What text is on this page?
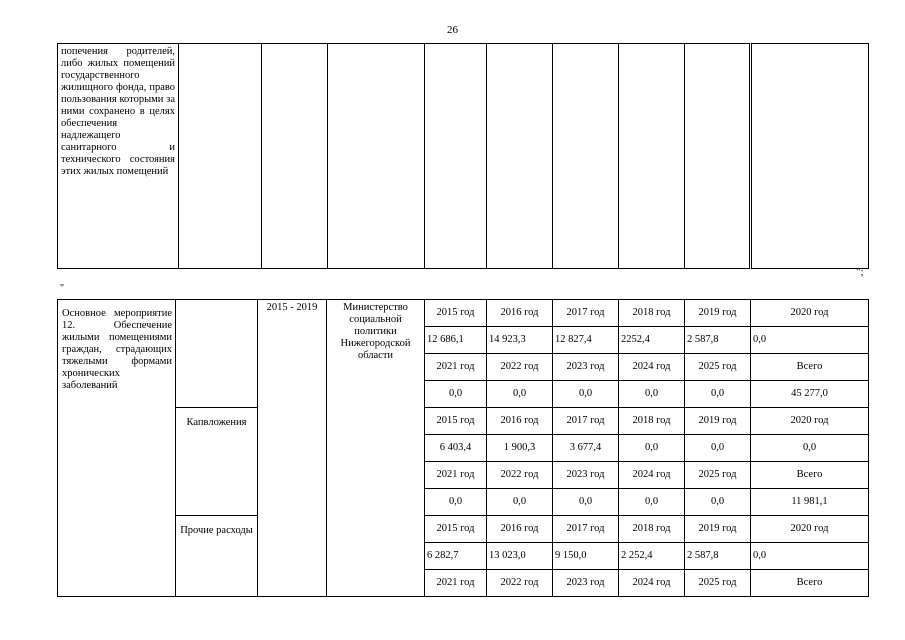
26
попечения родителей, либо жилых помещений государственного жилищного фонда, право пользования которыми за ними сохранено в целях обеспечения надлежащего санитарного и технического состояния этих жилых помещений									
";
"
Основное мероприятие 12. Обеспечение жилыми помещениями граждан, страдающих тяжелыми формами хронических заболеваний		2015 - 2019	Министерство социальной политики Нижегородской области	2015 год	2016 год	2017 год	2018 год	2019 год	2020 год
				12 686,1	14 923,3	12 827,4	2252,4	2 587,8	0,0
				2021 год	2022 год	2023 год	2024 год	2025 год	Всего
				0,0	0,0	0,0	0,0	0,0	45 277,0
	Капвложения			2015 год	2016 год	2017 год	2018 год	2019 год	2020 год
				6 403,4	1 900,3	3 677,4	0,0	0,0	0,0
				2021 год	2022 год	2023 год	2024 год	2025 год	Всего
				0,0	0,0	0,0	0,0	0,0	11 981,1
	Прочие расходы			2015 год	2016 год	2017 год	2018 год	2019 год	2020 год
				6 282,7	13 023,0	9 150,0	2 252,4	2 587,8	0,0
				2021 год	2022 год	2023 год	2024 год	2025 год	Всего
